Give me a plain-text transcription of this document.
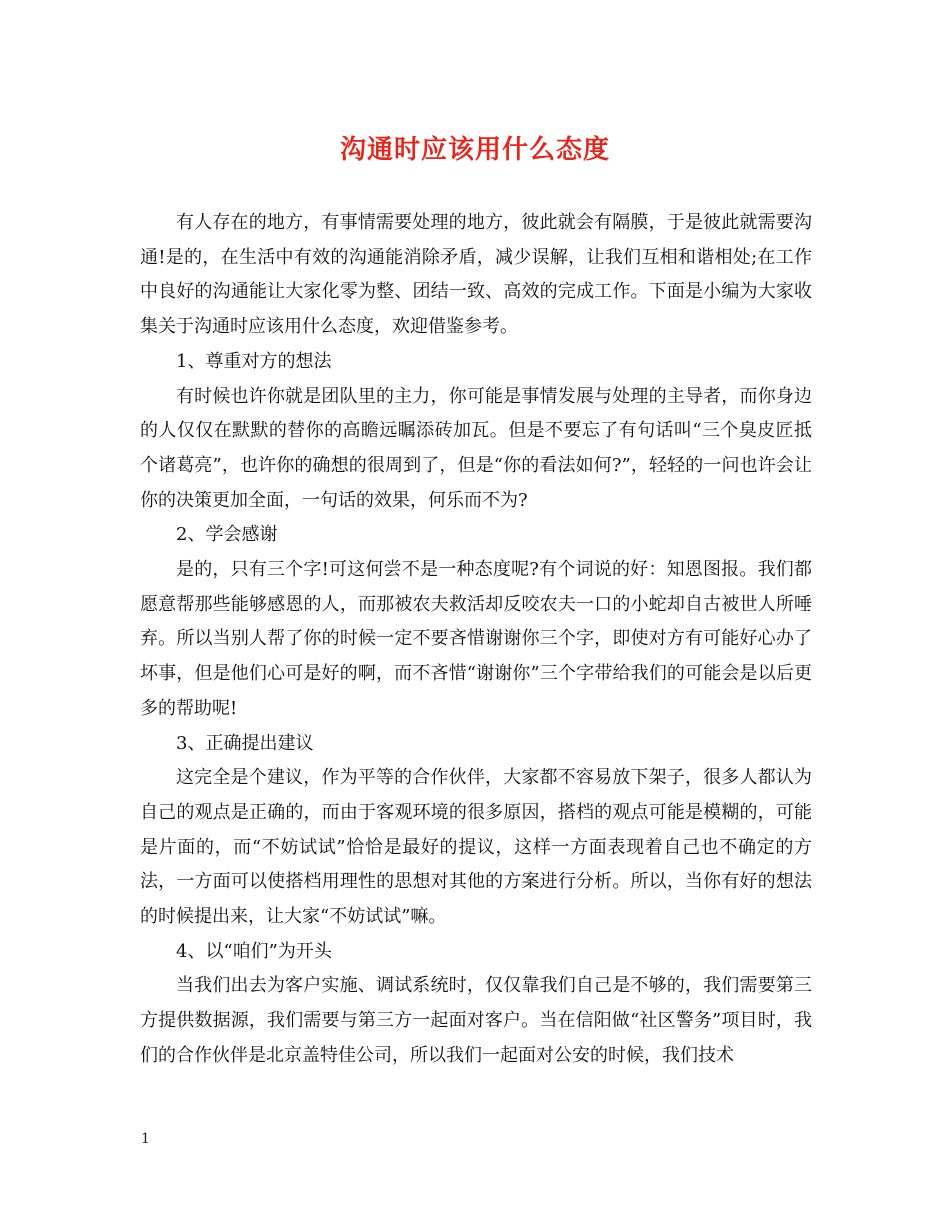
沟通时应该用什么态度

有人存在的地方，有事情需要处理的地方，彼此就会有隔膜，于是彼此就需要沟通!是的，在生活中有效的沟通能消除矛盾，减少误解，让我们互相和谐相处;在工作中良好的沟通能让大家化零为整、团结一致、高效的完成工作。下面是小编为大家收集关于沟通时应该用什么态度，欢迎借鉴参考。

1、尊重对方的想法

有时候也许你就是团队里的主力，你可能是事情发展与处理的主导者，而你身边的人仅仅在默默的替你的高瞻远瞩添砖加瓦。但是不要忘了有句话叫“三个臭皮匠抵个诸葛亮”，也许你的确想的很周到了，但是“你的看法如何?”，轻轻的一问也许会让你的决策更加全面，一句话的效果，何乐而不为?

2、学会感谢

是的，只有三个字!可这何尝不是一种态度呢?有个词说的好：知恩图报。我们都愿意帮那些能够感恩的人，而那被农夫救活却反咬农夫一口的小蛇却自古被世人所唾弃。所以当别人帮了你的时候一定不要吝惜谢谢你三个字，即使对方有可能好心办了坏事，但是他们心可是好的啊，而不吝惜“谢谢你”三个字带给我们的可能会是以后更多的帮助呢!

3、正确提出建议

这完全是个建议，作为平等的合作伙伴，大家都不容易放下架子，很多人都认为自己的观点是正确的，而由于客观环境的很多原因，搭档的观点可能是模糊的，可能是片面的，而“不妨试试”恰恰是最好的提议，这样一方面表现着自己也不确定的方法，一方面可以使搭档用理性的思想对其他的方案进行分析。所以，当你有好的想法的时候提出来，让大家“不妨试试”嘛。

4、以“咱们”为开头

当我们出去为客户实施、调试系统时，仅仅靠我们自己是不够的，我们需要第三方提供数据源，我们需要与第三方一起面对客户。当在信阳做“社区警务”项目时，我们的合作伙伴是北京盖特佳公司，所以我们一起面对公安的时候，我们技术

1
